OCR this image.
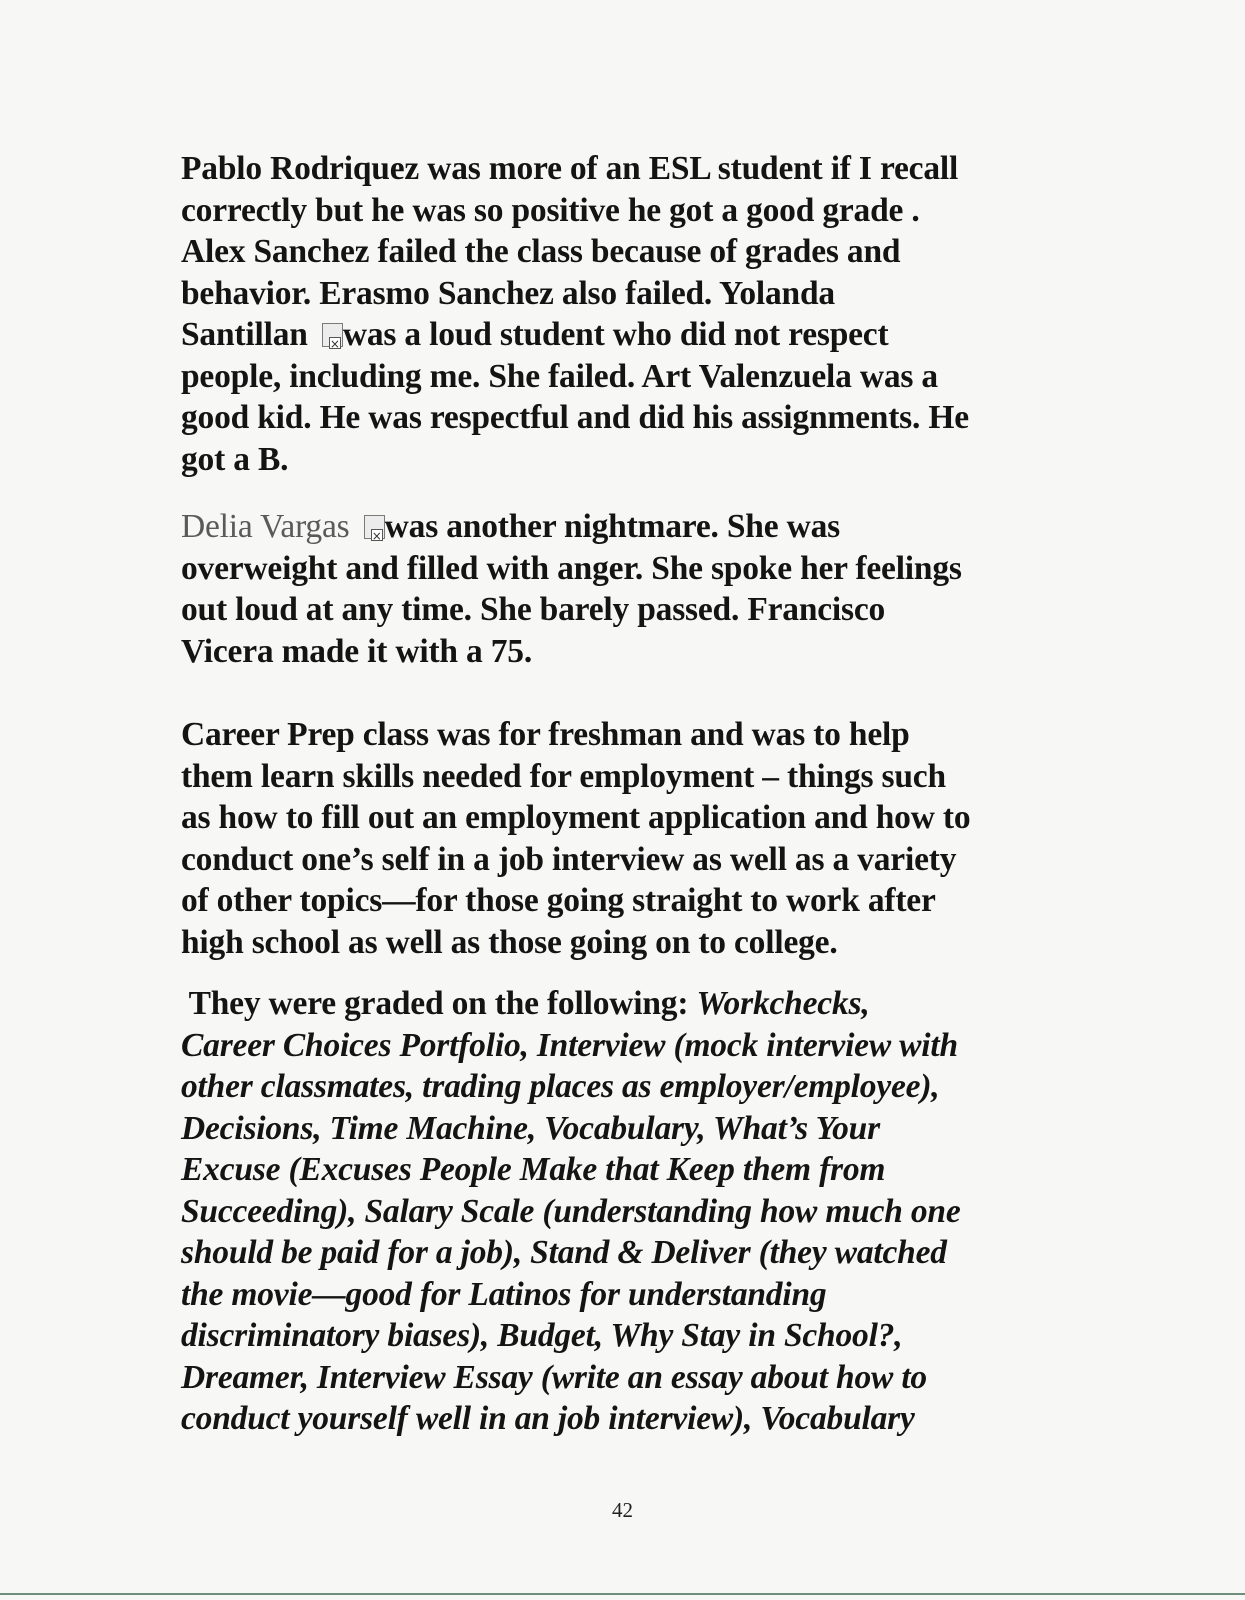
Pablo Rodriquez was more of an ESL student if I recall
correctly but he was so positive he got a good grade .
Alex Sanchez failed the class because of grades and
behavior. Erasmo Sanchez also failed. Yolanda
Santillan × was a loud student who did not respect
people, including me. She failed. Art Valenzuela was a
good kid. He was respectful and did his assignments. He
got a B.
Delia Vargas × was another nightmare. She was
overweight and filled with anger. She spoke her feelings
out loud at any time. She barely passed. Francisco
Vicera made it with a 75.
Career Prep class was for freshman and was to help
them learn skills needed for employment – things such
as how to fill out an employment application and how to
conduct one’s self in a job interview as well as a variety
of other topics—for those going straight to work after
high school as well as those going on to college.
They were graded on the following: Workchecks,
Career Choices Portfolio, Interview (mock interview with
other classmates, trading places as employer/employee),
Decisions, Time Machine, Vocabulary, What’s Your
Excuse (Excuses People Make that Keep them from
Succeeding), Salary Scale (understanding how much one
should be paid for a job), Stand & Deliver (they watched
the movie—good for Latinos for understanding
discriminatory biases), Budget, Why Stay in School?,
Dreamer, Interview Essay (write an essay about how to
conduct yourself well in an job interview), Vocabulary
42
